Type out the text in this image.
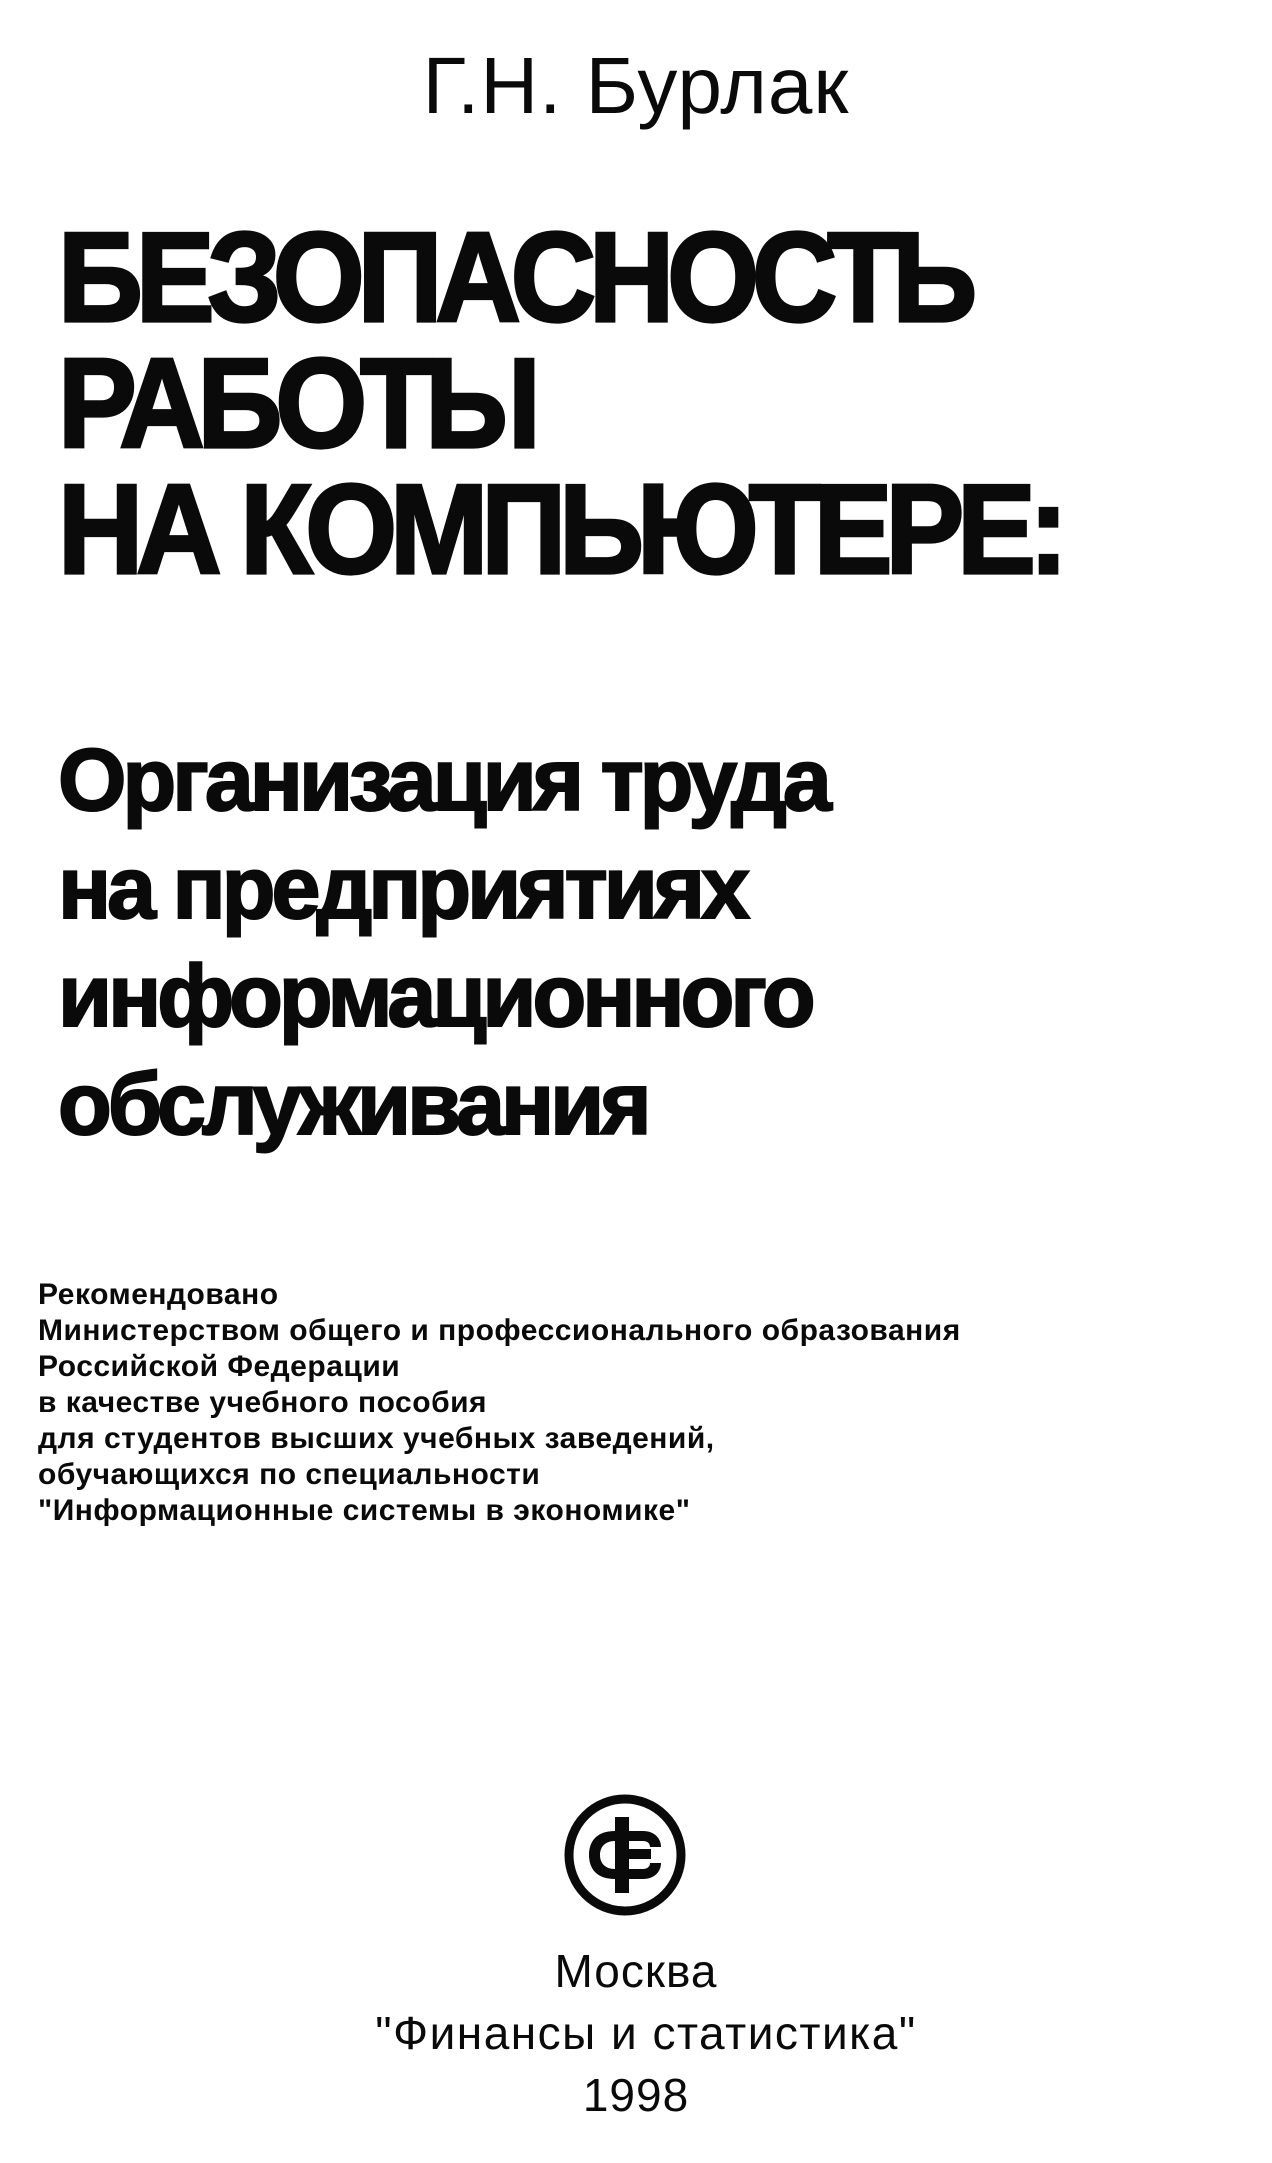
Г.Н. Бурлак
БЕЗОПАСНОСТЬ
РАБОТЫ
НА КОМПЬЮТЕРЕ:
Организация труда
на предприятиях
информационного
обслуживания
Рекомендовано
Министерством общего и профессионального образования
Российской Федерации
в качестве учебного пособия
для студентов высших учебных заведений,
обучающихся по специальности
"Информационные системы в экономике"
Москва
"Финансы и статистика"
1998
